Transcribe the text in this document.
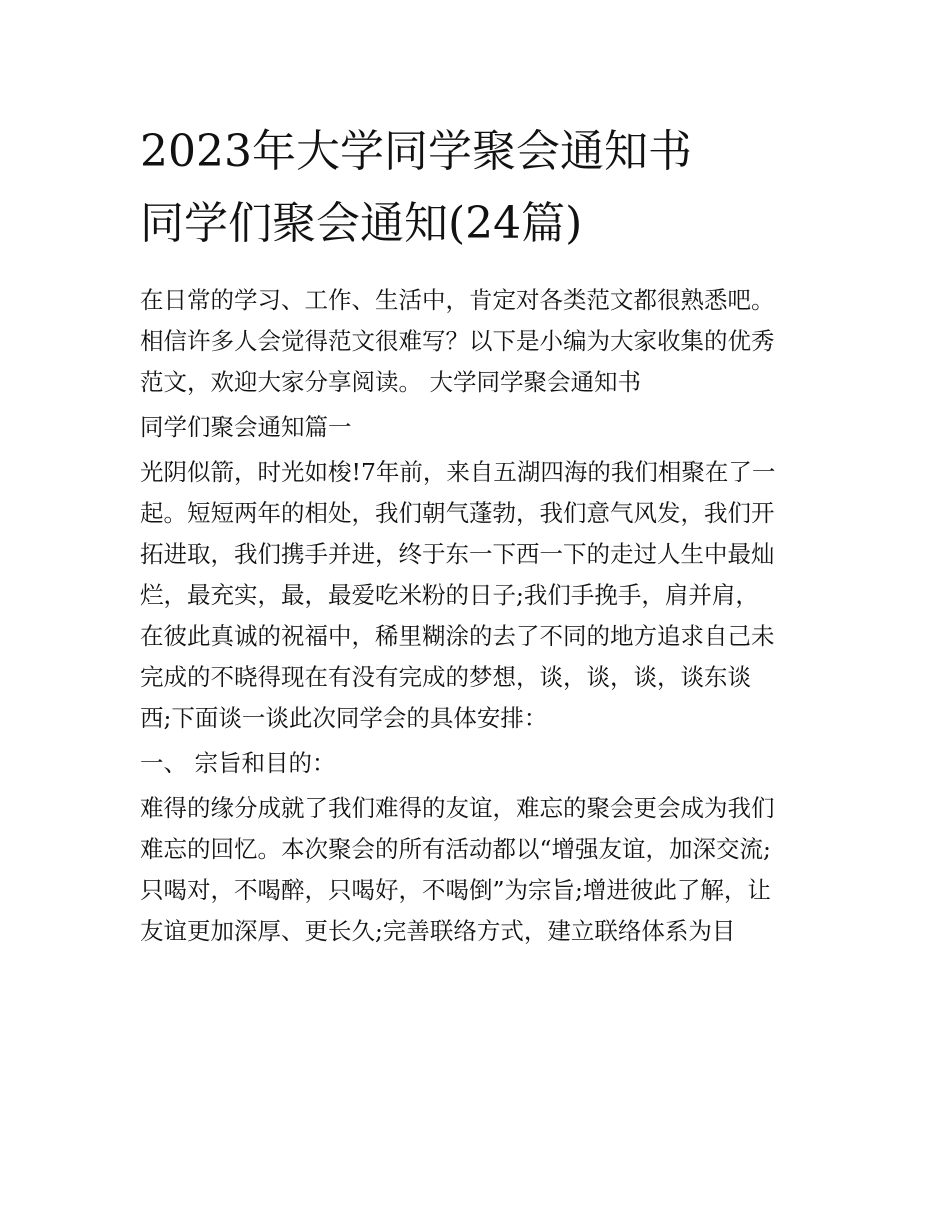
2023年大学同学聚会通知书
同学们聚会通知(24篇)

在日常的学习、工作、生活中，肯定对各类范文都很熟悉吧。
相信许多人会觉得范文很难写？以下是小编为大家收集的优秀
范文，欢迎大家分享阅读。 大学同学聚会通知书

同学们聚会通知篇一

光阴似箭，时光如梭!7年前，来自五湖四海的我们相聚在了一
起。短短两年的相处，我们朝气蓬勃，我们意气风发，我们开
拓进取，我们携手并进，终于东一下西一下的走过人生中最灿
烂，最充实，最，最爱吃米粉的日子;我们手挽手，肩并肩，
在彼此真诚的祝福中，稀里糊涂的去了不同的地方追求自己未
完成的不晓得现在有没有完成的梦想，谈，谈，谈，谈东谈
西;下面谈一谈此次同学会的具体安排：

一、 宗旨和目的：

难得的缘分成就了我们难得的友谊，难忘的聚会更会成为我们
难忘的回忆。本次聚会的所有活动都以“增强友谊，加深交流;
只喝对，不喝醉，只喝好，不喝倒”为宗旨;增进彼此了解，让
友谊更加深厚、更长久;完善联络方式，建立联络体系为目
